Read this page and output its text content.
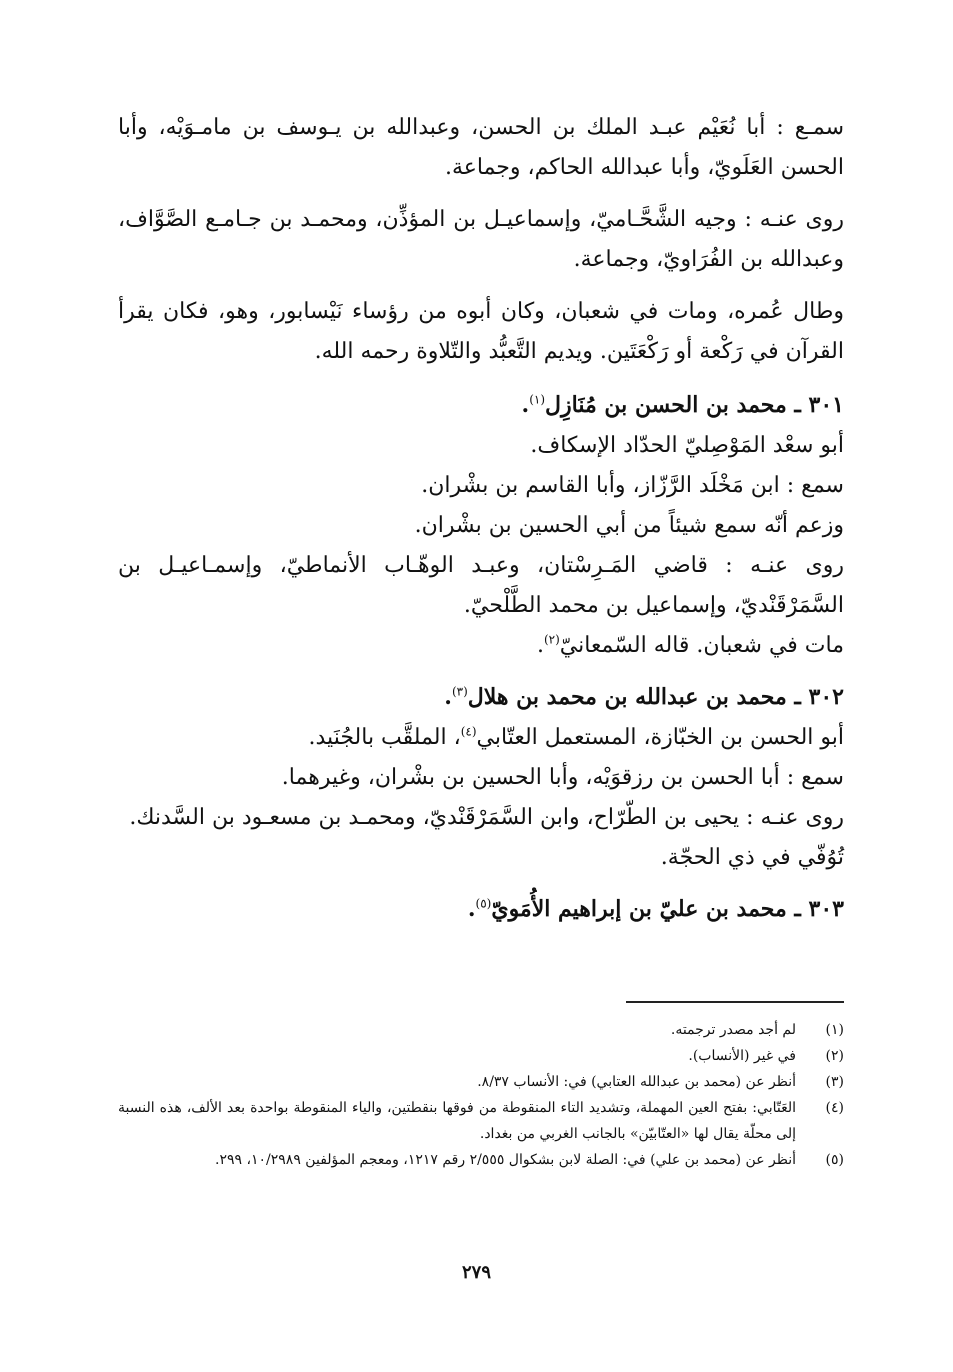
سمـع : أبا نُعَيْم عبـد الملك بن الحسن، وعبدالله بن يـوسف بن مامـوَيْه، وأبا الحسن العَلَويّ، وأبا عبدالله الحاكم، وجماعة.

روى عنـه : وجيه الشَّحَّـاميّ، وإسماعيـل بن المؤذِّن، ومحمـد بن جـامـع الصَّوَّاف، وعبدالله بن الفُرَاويّ، وجماعة.

وطال عُمره، ومات في شعبان، وكان أبوه من رؤساء نَيْسابور، وهو، فكان يقرأ القرآن في رَكْعة أو رَكْعَتَين. ويديم التَّعبُّد والتّلاوة رحمه الله.

٣٠١ ـ محمد بن الحسن بن مُنَازِل$^{(١)}$.

أبو سعْد المَوْصِليّ الحدّاد الإسكاف.

سمع : ابن مَخْلَد الرَّزّاز، وأبا القاسم بن بشْران.

وزعم أنّه سمع شيئاً من أبي الحسين بن بشْران.

روى عنـه : قاضي المَـرِسْتان، وعبـد الوهّـاب الأنماطيّ، وإسمـاعيـل بن السَّمَرْقَنْديّ، وإسماعيل بن محمد الطَّلْحيّ.

مات في شعبان. قاله السّمعانيّ$^{(٢)}$.

٣٠٢ ـ محمد بن عبدالله بن محمد بن هلال$^{(٣)}$.

أبو الحسن بن الخبّازة، المستعمل العتّابي$^{(٤)}$، الملقَّب بالجُنَيد.

سمع : أبا الحسن بن رزقوَيْه، وأبا الحسين بن بشْران، وغيرهما.

روى عنـه : يحيى بن الطّرّاح، وابن السَّمَرْقَنْديّ، ومحمـد بن مسعـود بن السَّدنك.

تُوُفّي في ذي الحجّة.

٣٠٣ ـ محمد بن عليّ بن إبراهيم الأُمَويّ$^{(٥)}$.

(١)
لم أجد مصدر ترجمته.
(٢)
في غير (الأنساب).
(٣)
أنظر عن (محمد بن عبدالله العتابي) في: الأنساب ٨/٣٧.
(٤)
العَتّابي: بفتح العين المهملة، وتشديد التاء المنقوطة من فوقها بنقطتين، والياء المنقوطة بواحدة بعد الألف، هذه النسبة إلى محلّة يقال لها «العتّابيّن» بالجانب الغربي من بغداد.
(٥)
أنظر عن (محمد بن علي) في: الصلة لابن بشكوال ٢/٥٥٥ رقم ١٢١٧، ومعجم المؤلفين ١٠/٢٩٨٩، ٢٩٩.
٢٧٩
